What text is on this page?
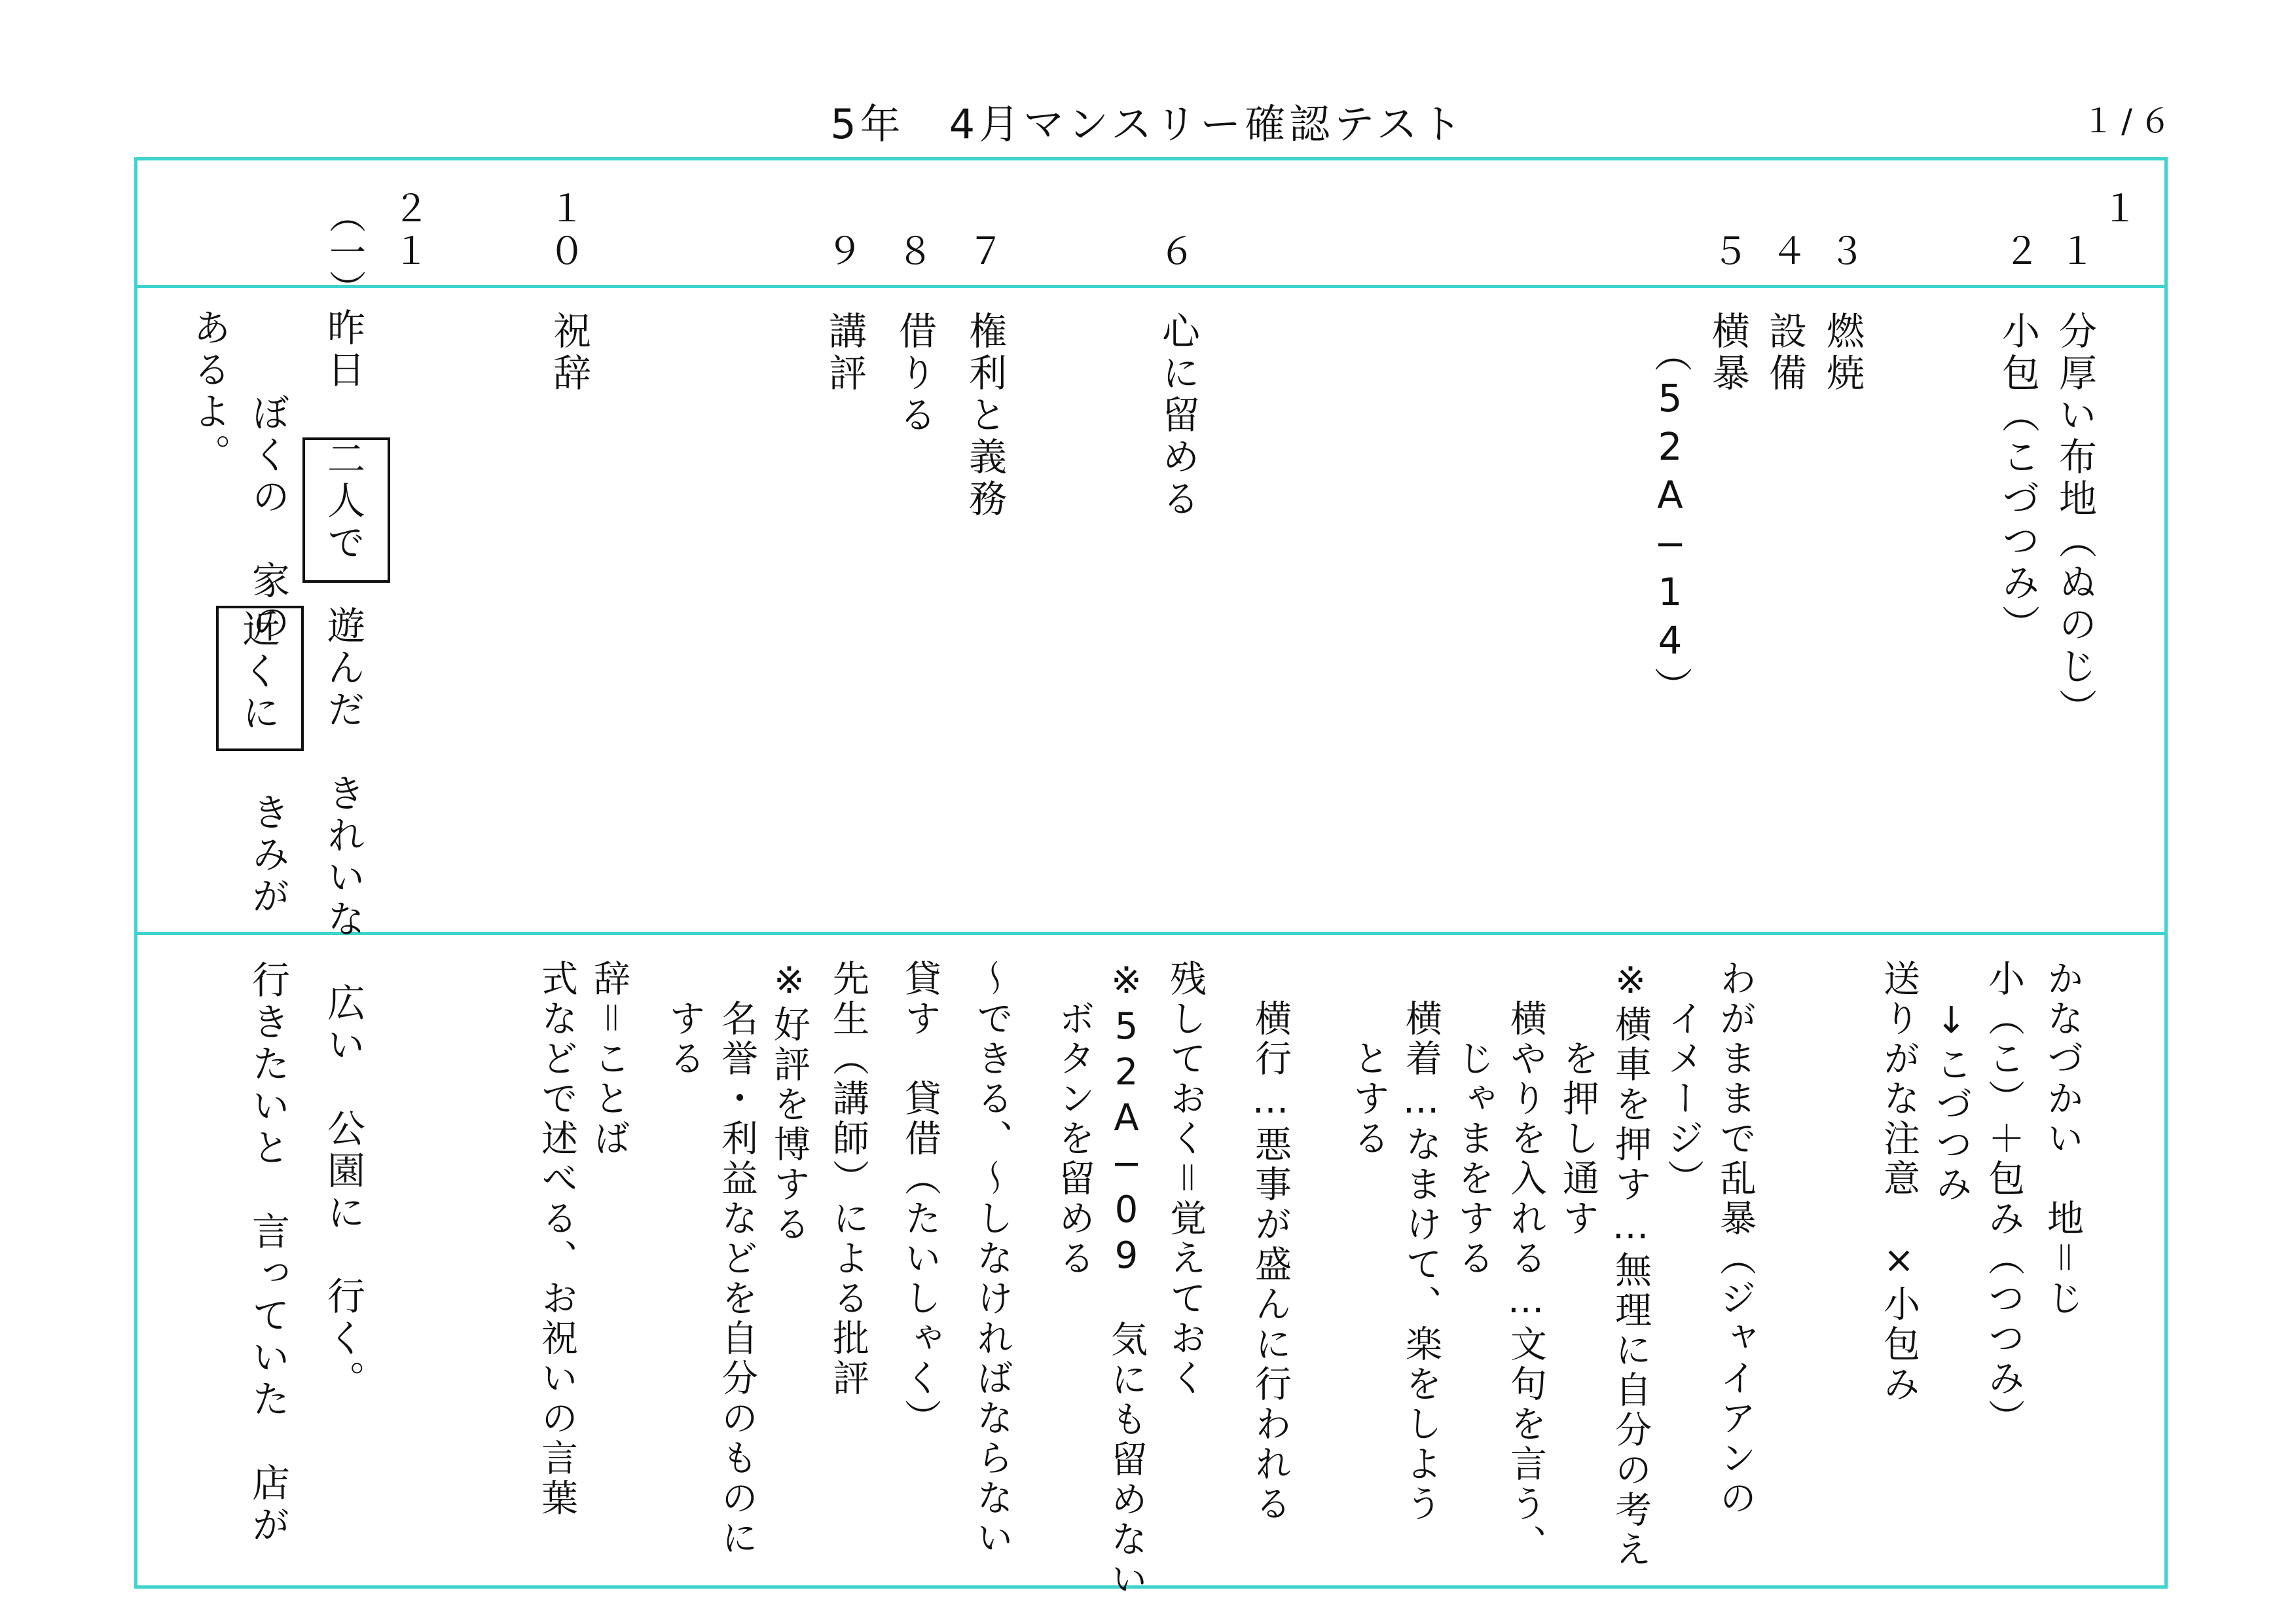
5年　4月マンスリー確認テスト	１/６
１
１
２
３
４
５
６
７
８
９
１
０
２
１
（一）
分厚い布地（ぬのじ）
小包（こづつみ）
燃焼
設備
横暴
（52A−14）
心に留める
権利と義務
借りる
講評
祝辞
昨日
二人で
遊んだ　きれいな　広い　公園に　行く。
ぼくの　家の
近くに
きみが　行きたいと　言っていた　店が
あるよ。
かなづかい　地＝じ
小（こ）＋包み（つつみ）
　↓こづつみ
送りがな注意　×小包み
わがままで乱暴（ジャイアンの
　イメージ）
※横車を押す…無理に自分の考え
　　を押し通す
　横やりを入れる…文句を言う、
　　じゃまをする
　横着…なまけて、楽をしよう
　　とする
　横行…悪事が盛んに行われる
残しておく＝覚えておく
※52A−09　気にも留めない
　ボタンを留める
〜できる、〜しなければならない
貸す　貸借（たいしゃく）
先生（講師）による批評
※好評を博する
　名誉・利益などを自分のものに
　する
辞＝ことば
式などで述べる、お祝いの言葉
